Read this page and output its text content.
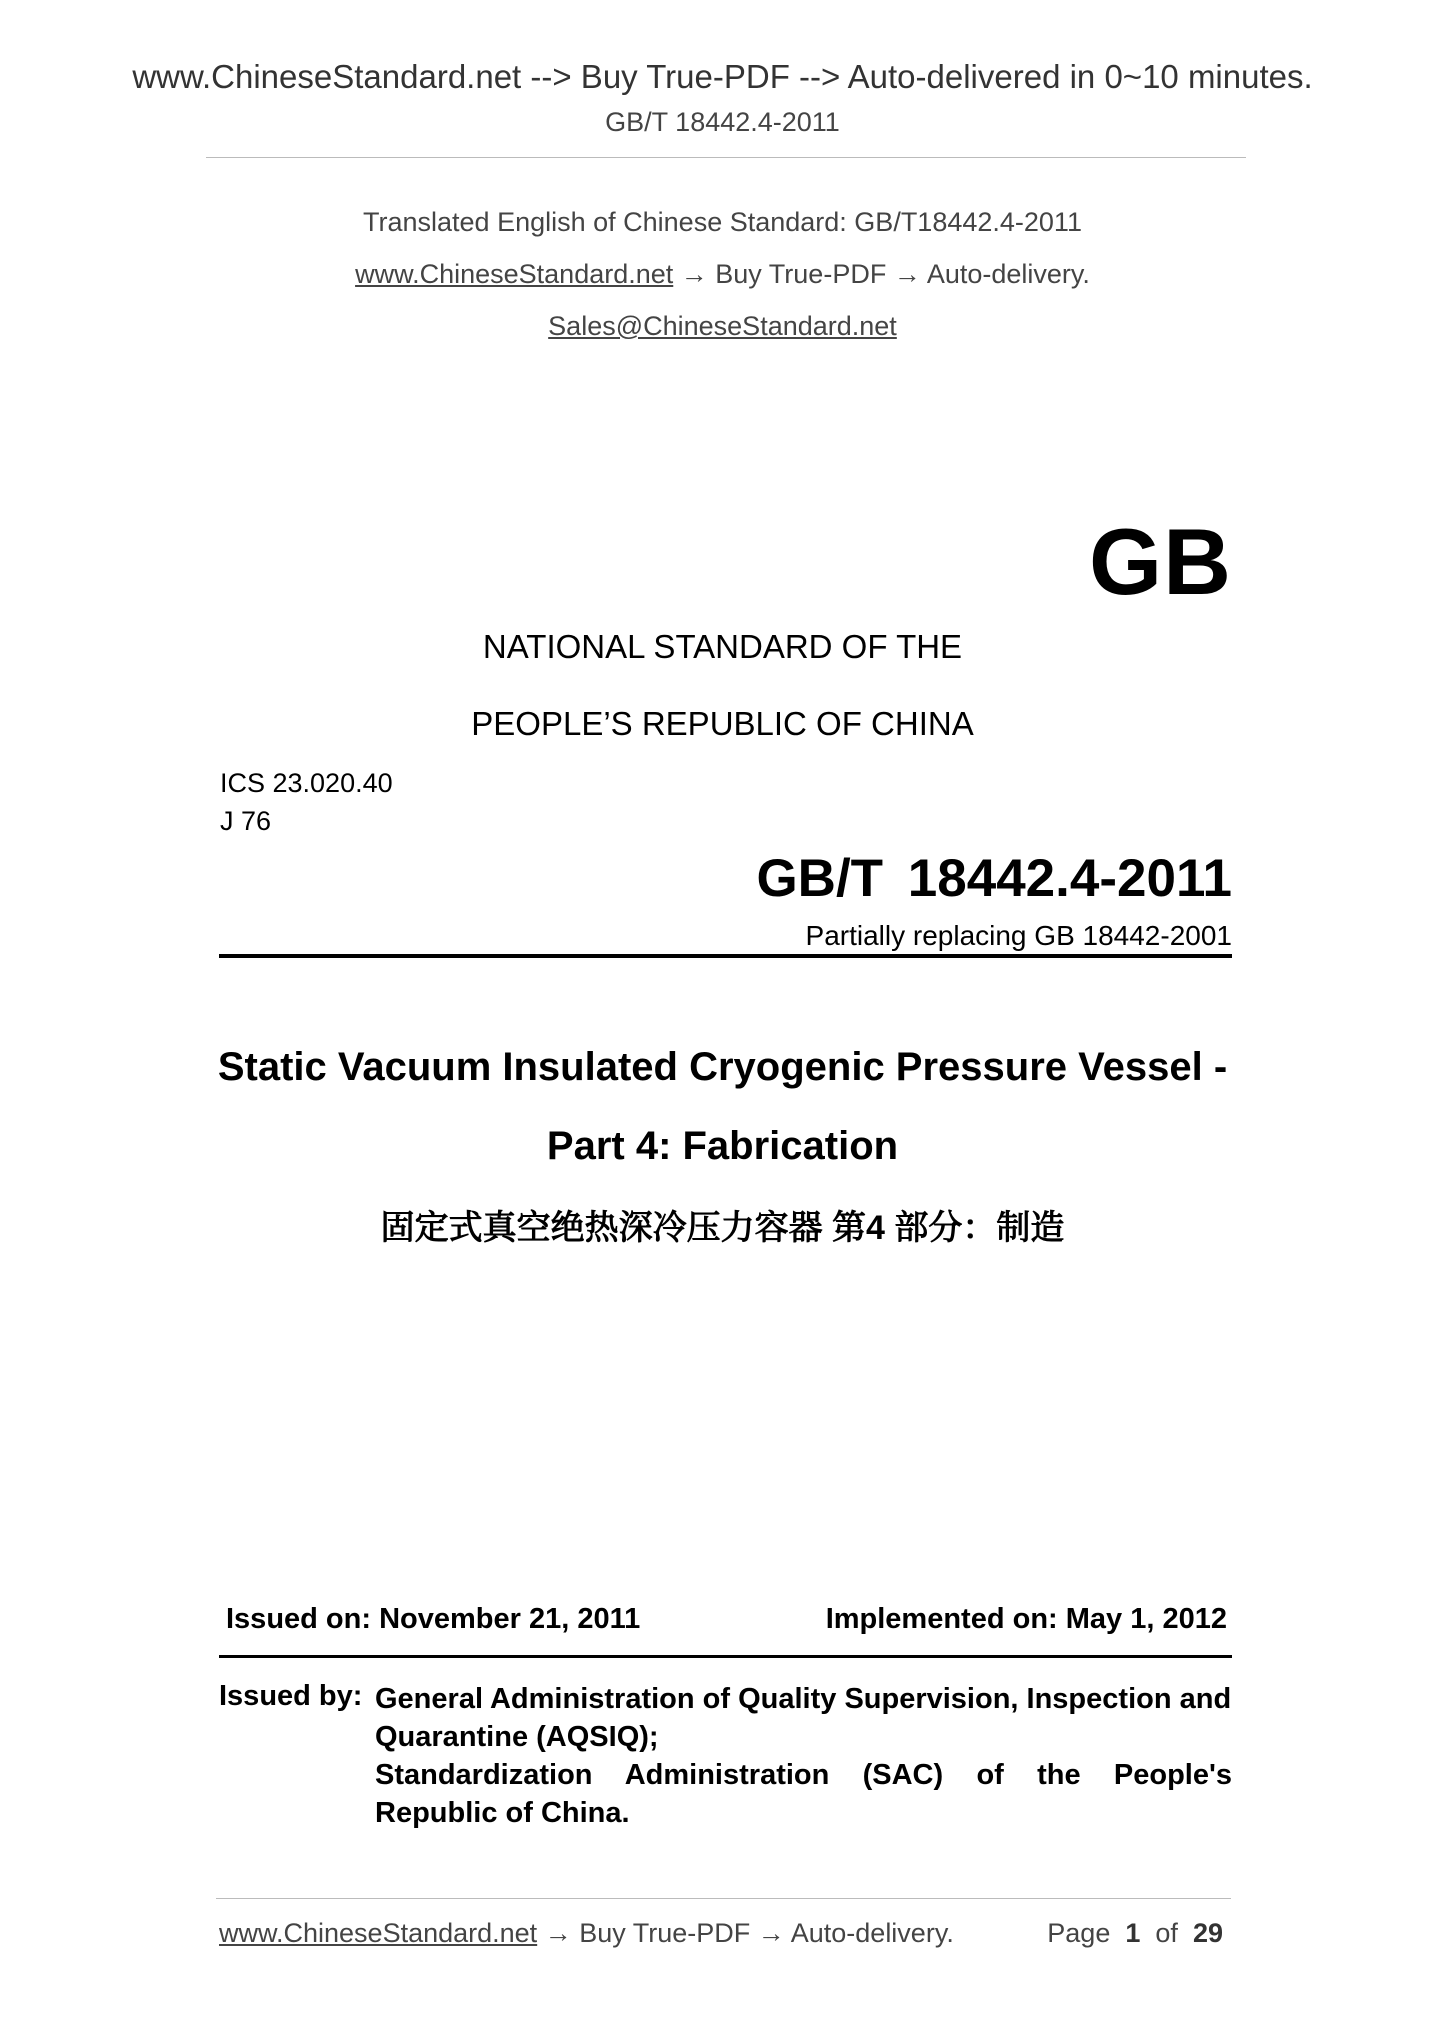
www.ChineseStandard.net --> Buy True-PDF --> Auto-delivered in 0~10 minutes.
GB/T 18442.4-2011
Translated English of Chinese Standard: GB/T18442.4-2011
www.ChineseStandard.net → Buy True-PDF → Auto-delivery.
Sales@ChineseStandard.net
GB
NATIONAL STANDARD OF THE
PEOPLE’S REPUBLIC OF CHINA
ICS 23.020.40
J 76
GB/T 18442.4-2011
Partially replacing GB 18442-2001
Static Vacuum Insulated Cryogenic Pressure Vessel -
Part 4: Fabrication
固定式真空绝热深冷压力容器 第4 部分：制造
Issued on: November 21, 2011	Implemented on: May 1, 2012
Issued by: General Administration of Quality Supervision, Inspection and
Quarantine (AQSIQ);
Standardization Administration (SAC) of the People's
Republic of China.
www.ChineseStandard.net → Buy True-PDF → Auto-delivery.	Page 1 of 29
